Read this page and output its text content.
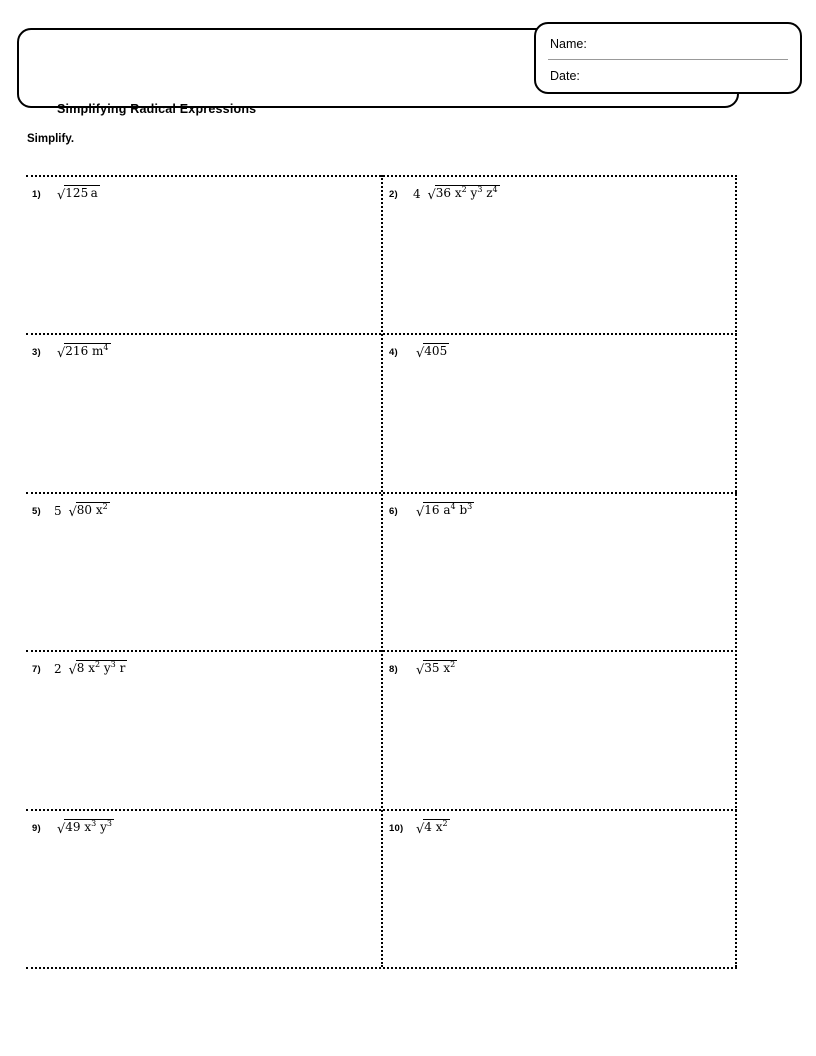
Simplifying Radical Expressions
Name:
Date:
Simplify.
1) √125 a	2) 4 √36 $x^2$ $y^3$ $z^4$
3) √216 $m^4$	4) √405
5) 5 √80 $x^2$	6) √16 $a^4$ $b^3$
7) 2 √8 $x^2$ $y^3$ r	8) √35 $x^2$
9) √49 $x^3$ $y^3$	10) √4 $x^2$
